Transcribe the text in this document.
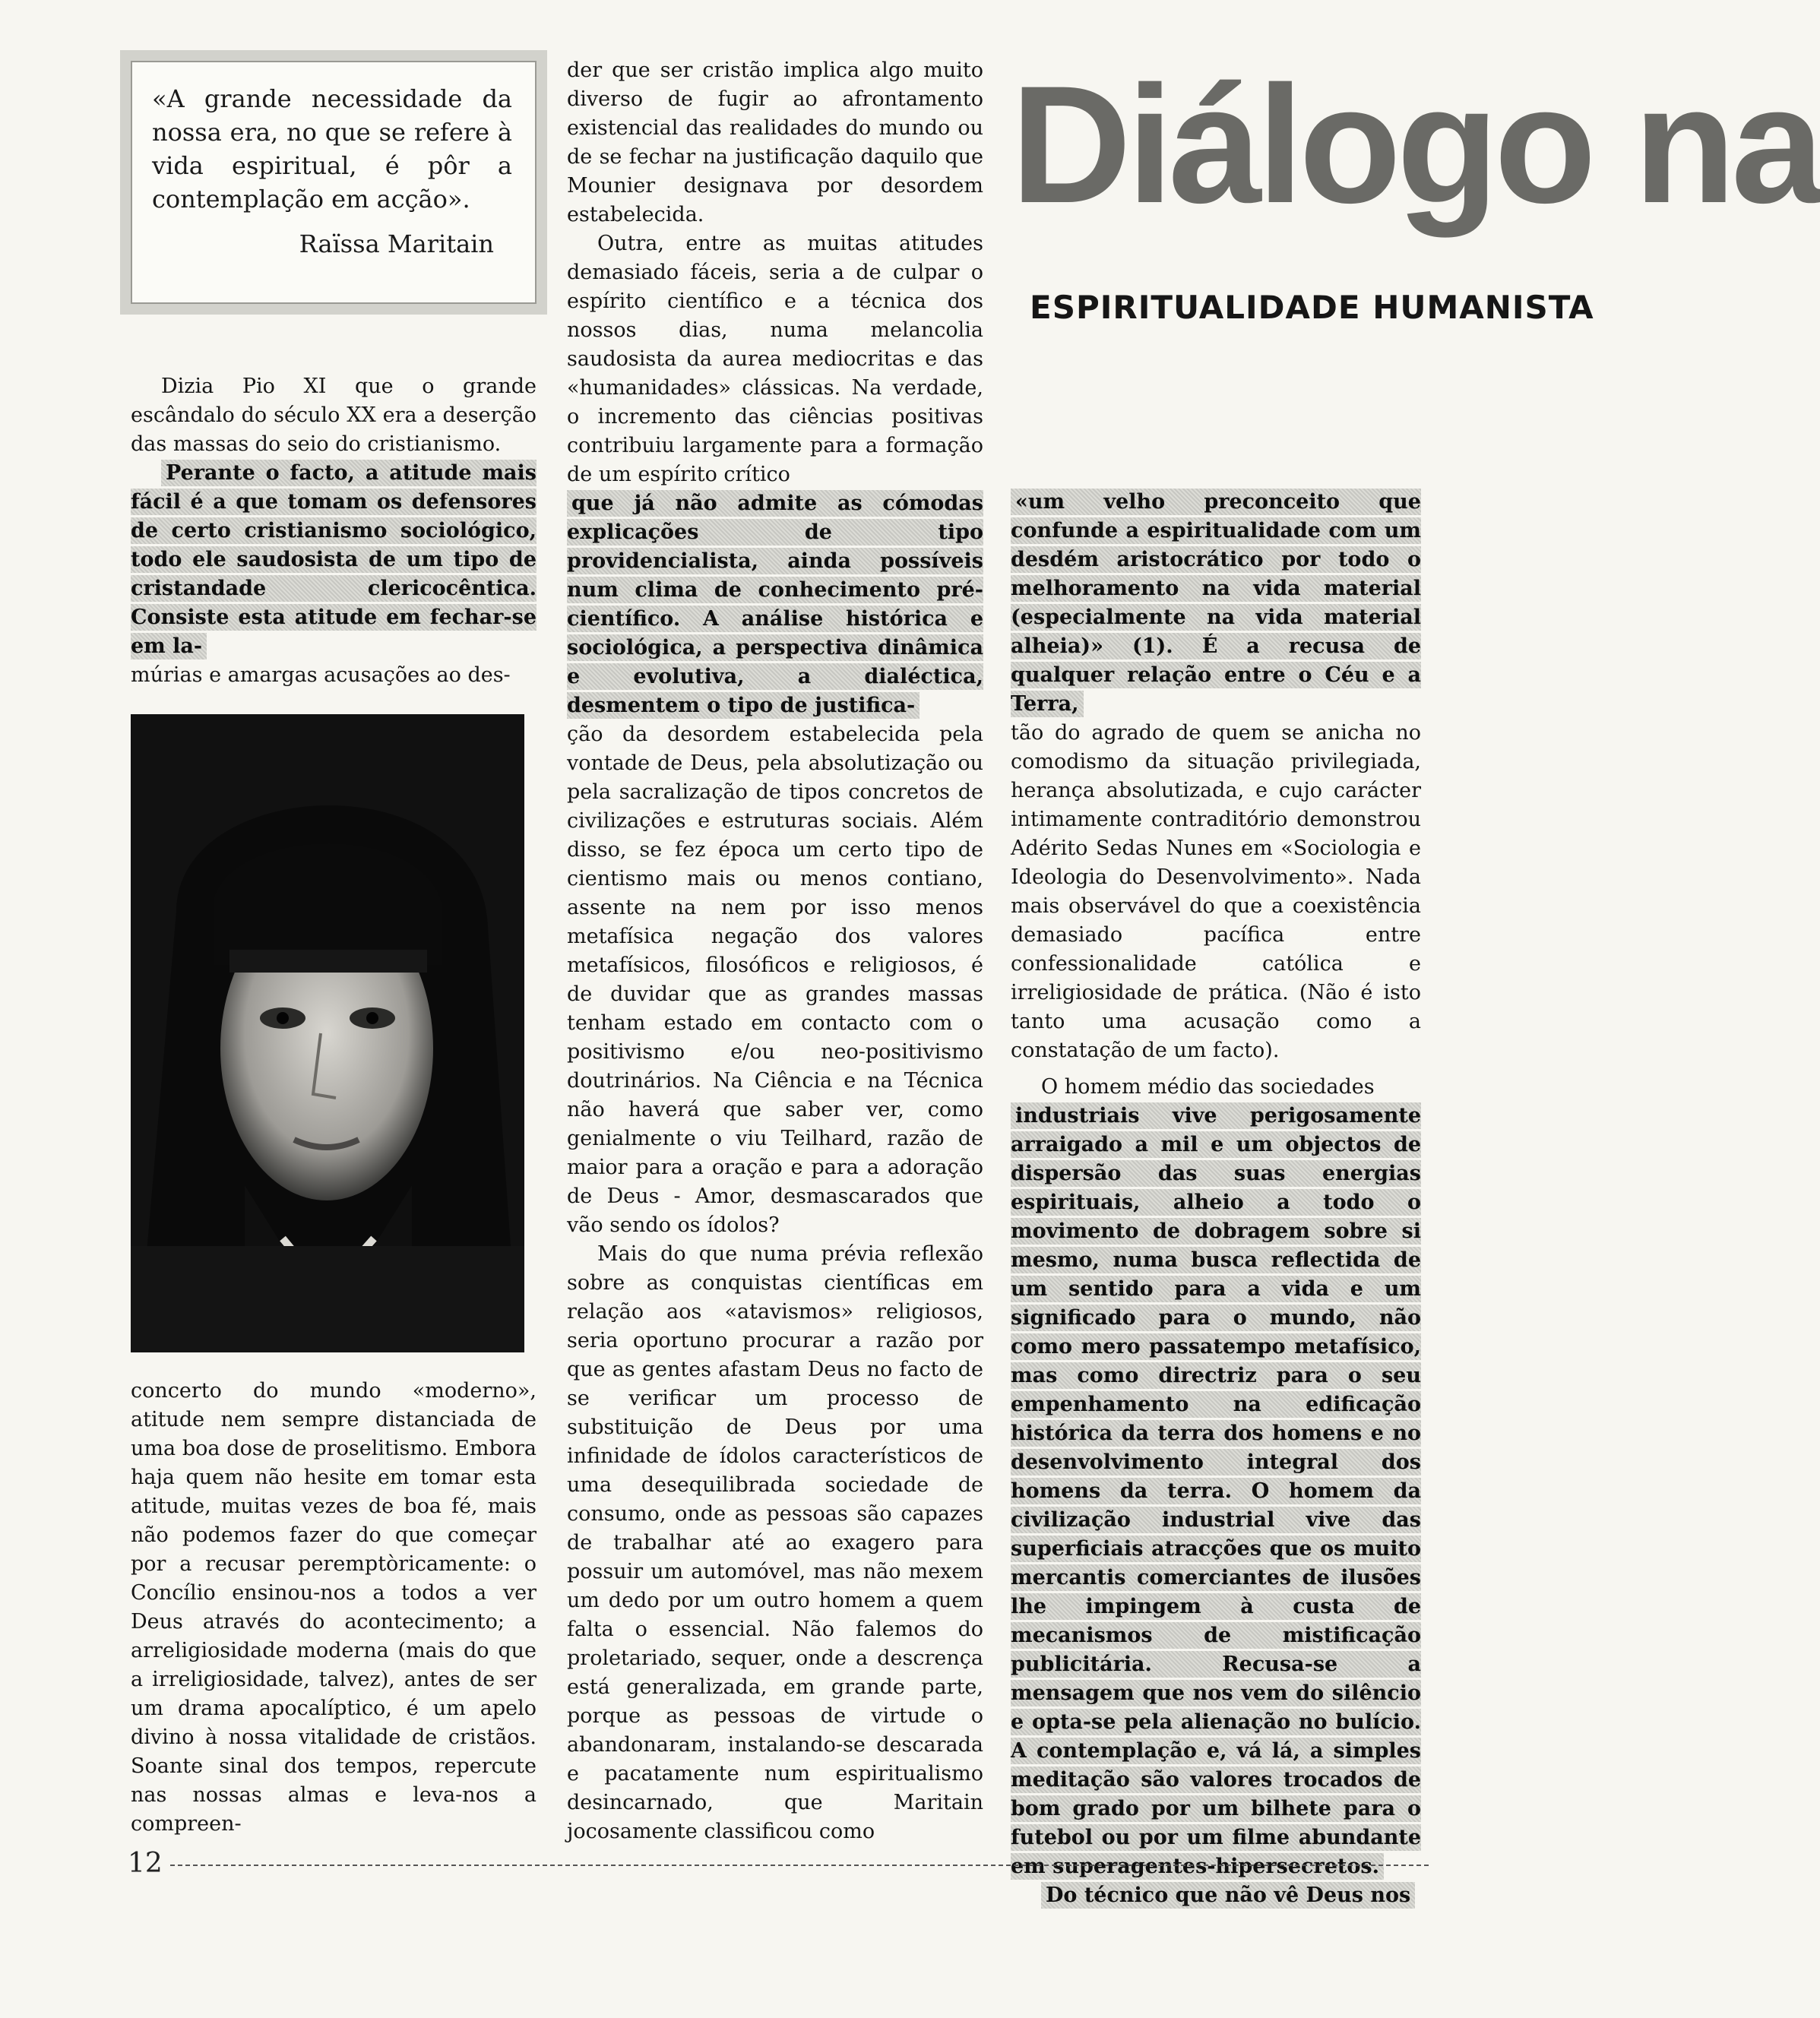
«A grande necessidade da nossa era, no que se refere à vida espiritual, é pôr a contemplação em acção».

Raïssa Maritain
Diálogo na
ESPIRITUALIDADE HUMANISTA

Dizia Pio XI que o grande escândalo do século XX era a deserção das massas do seio do cristianismo.

Perante o facto, a atitude mais fácil é a que tomam os defensores de certo cristianismo sociológico, todo ele saudosista de um tipo de cristandade clericocêntica. Consiste esta atitude em fechar-se em la-

múrias e amargas acusações ao des-

concerto do mundo «moderno», atitude nem sempre distanciada de uma boa dose de proselitismo. Embora haja quem não hesite em tomar esta atitude, muitas vezes de boa fé, mais não podemos fazer do que começar por a recusar peremptòricamente: o Concílio ensinou-nos a todos a ver Deus através do acontecimento; a arreligiosidade moderna (mais do que a irreligiosidade, talvez), antes de ser um drama apocalíptico, é um apelo divino à nossa vitalidade de cristãos. Soante sinal dos tempos, repercute nas nossas almas e leva-nos a compreen-

der que ser cristão implica algo muito diverso de fugir ao afrontamento existencial das realidades do mundo ou de se fechar na justificação daquilo que Mounier designava por desordem estabelecida.

Outra, entre as muitas atitudes demasiado fáceis, seria a de culpar o espírito científico e a técnica dos nossos dias, numa melancolia saudosista da aurea mediocritas e das «humanidades» clássicas. Na verdade, o incremento das ciências positivas contribuiu largamente para a formação de um espírito crítico

que já não admite as cómodas explicações de tipo providencialista, ainda possíveis num clima de conhecimento pré-científico. A análise histórica e sociológica, a perspectiva dinâmica e evolutiva, a dialéctica, desmentem o tipo de justifica-

ção da desordem estabelecida pela vontade de Deus, pela absolutização ou pela sacralização de tipos concretos de civilizações e estruturas sociais. Além disso, se fez época um certo tipo de cientismo mais ou menos contiano, assente na nem por isso menos metafísica negação dos valores metafísicos, filosóficos e religiosos, é de duvidar que as grandes massas tenham estado em contacto com o positivismo e/ou neo-positivismo doutrinários. Na Ciência e na Técnica não haverá que saber ver, como genialmente o viu Teilhard, razão de maior para a oração e para a adoração de Deus - Amor, desmascarados que vão sendo os ídolos?

Mais do que numa prévia reflexão sobre as conquistas científicas em relação aos «atavismos» religiosos, seria oportuno procurar a razão por que as gentes afastam Deus no facto de se verificar um processo de substituição de Deus por uma infinidade de ídolos característicos de uma desequilibrada sociedade de consumo, onde as pessoas são capazes de trabalhar até ao exagero para possuir um automóvel, mas não mexem um dedo por um outro homem a quem falta o essencial. Não falemos do proletariado, sequer, onde a descrença está generalizada, em grande parte, porque as pessoas de virtude o abandonaram, instalando-se descarada e pacatamente num espiritualismo desincarnado, que Maritain jocosamente classificou como

«um velho preconceito que confunde a espiritualidade com um desdém aristocrático por todo o melhoramento na vida material (especialmente na vida material alheia)» (1). É a recusa de qualquer relação entre o Céu e a Terra,

tão do agrado de quem se anicha no comodismo da situação privilegiada, herança absolutizada, e cujo carácter intimamente contraditório demonstrou Adérito Sedas Nunes em «Sociologia e Ideologia do Desenvolvimento». Nada mais observável do que a coexistência demasiado pacífica entre confessionalidade católica e irreligiosidade de prática. (Não é isto tanto uma acusação como a constatação de um facto).

O homem médio das sociedades

industriais vive perigosamente arraigado a mil e um objectos de dispersão das suas energias espirituais, alheio a todo o movimento de dobragem sobre si mesmo, numa busca reflectida de um sentido para a vida e um significado para o mundo, não como mero passatempo metafísico, mas como directriz para o seu empenhamento na edificação histórica da terra dos homens e no desenvolvimento integral dos homens da terra. O homem da civilização industrial vive das superficiais atracções que os muito mercantis comerciantes de ilusões lhe impingem à custa de mecanismos de mistificação publicitária. Recusa-se a mensagem que nos vem do silêncio e opta-se pela alienação no bulício. A contemplação e, vá lá, a simples meditação são valores trocados de bom grado por um bilhete para o futebol ou por um filme abundante em superagentes-hipersecretos.

Do técnico que não vê Deus nos

12
